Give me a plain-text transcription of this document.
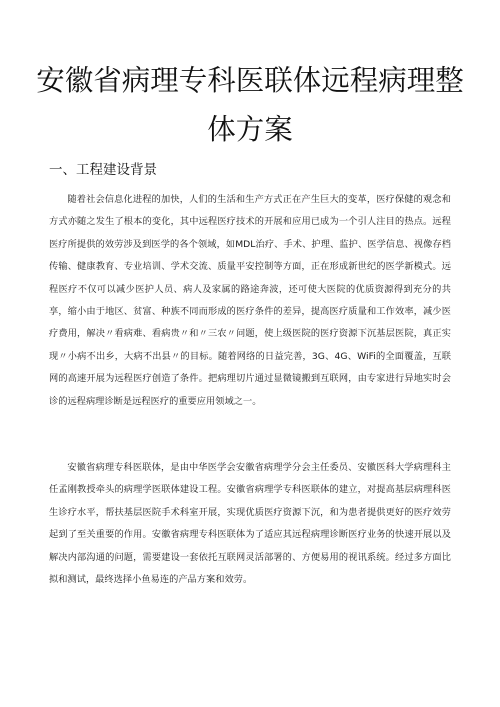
安徽省病理专科医联体远程病理整体方案
一、工程建设背景

随着社会信息化进程的加快，人们的生活和生产方式正在产生巨大的变革，医疗保健的观念和方式亦随之发生了根本的变化，其中远程医疗技术的开展和应用已成为一个引人注目的热点。远程医疗所提供的效劳涉及到医学的各个领域，如MDL治疗、手术、护理、监护、医学信息、视像存档传输、健康教育、专业培训、学术交流、质量平安控制等方面，正在形成新世纪的医学新模式。远程医疗不仅可以减少医护人员、病人及家属的路途奔波，还可使大医院的优质资源得到充分的共享，缩小由于地区、贫富、种族不同而形成的医疗条件的差异，提高医疗质量和工作效率，减少医疗费用，解决〃看病难、看病贵〃和〃三农〃问题，使上级医院的医疗资源下沉基层医院，真正实现〃小病不出乡，大病不出县〃的目标。随着网络的日益完善，3G、4G、WiFi的全面覆盖，互联网的高速开展为远程医疗创造了条件。把病理切片通过显微镜搬到互联网，由专家进行异地实时会诊的远程病理诊断是远程医疗的重要应用领域之一。

安徽省病理专科医联体，是由中华医学会安徽省病理学分会主任委员、安徽医科大学病理科主任孟刚教授牵头的病理学医联体建设工程。安徽省病理学专科医联体的建立，对提高基层病理科医生诊疗水平，帮扶基层医院手术科室开展，实现优质医疗资源下沉，和为患者提供更好的医疗效劳起到了至关重要的作用。安徽省病理专科医联体为了适应其远程病理诊断医疗业务的快速开展以及解决内部沟通的问题，需要建设一套依托互联网灵活部署的、方便易用的视讯系统。经过多方面比拟和测试，最终选择小鱼易连的产品方案和效劳。
